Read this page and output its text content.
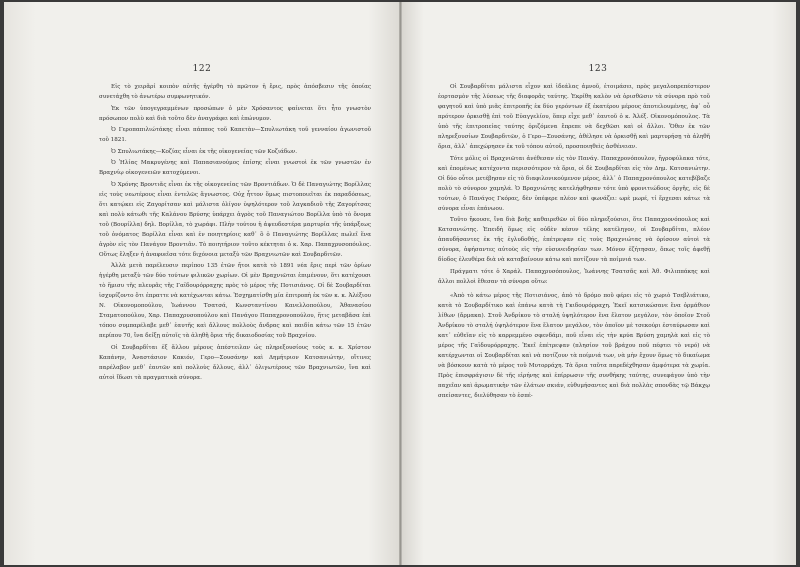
122

Εἰς τὸ χειρᾶρί κοιπὸν αὐτῆς ἠγέρθη τὸ πρῶτον ἡ ἔρις, πρὸς ἀπόσβεσιν τῆς ὁποίας συνετάχθη τὸ ἀνωτέρω συμφωνητικόν.

Ἐκ τῶν ὑπογεγραμμένων προσώπων ὁ μὲν Χρόσαντος φαίνεται ὅτι ἦτο γνωστὸν πρόσωπον πολὺ καὶ διὰ τοῦτο δὲν ἀναγράφει καὶ ἐπώνυμον.

Ὁ Γεροπαπιλιώτάκης εἶναι πάππος τοῦ Καπετὰν—Σπυλιωτάκη τοῦ γενναίου ἀγωνιστοῦ τοῦ 1821.

Ὁ Σπυλιωτάκης—Κοζίας εἶναι ἐκ τῆς οἰκογενείας τῶν Κοζιάδων.

Ὁ Ἠλίας Μακρυγένης καὶ Παπασιανούμος ἐπίσης εἶναι γνωστοὶ ἐκ τῶν γνωστῶν ἐν Βραχνίῳ οἰκογενειῶν κατοχύμενοι.

Ὁ Χρόνης Βροντιᾶς εἶναι ἐκ τῆς οἰκογενείας τῶν Βροντιάδων. Ὁ δὲ Παναγιώτης Βορίλλας εἰς τοὺς νεωτέρους εἶναι ἐντελῶς ἄγνωστος. Οὐχ ἧττον ὅμως πιστοποιεῖται ἐκ παραδόσεως, ὅτι κατῴκει εἰς Ζαγορίτσαν καὶ μάλιστα ὀλίγον ὑψηλότερον τοῦ λαγκαδιοῦ τῆς Ζαγορίτσας καὶ πολὺ κάτωθι τῆς Καλάνου Βρύσης ὑπάρχει ἀγρὸς τοῦ Παναγιώτου Βορίλλα ὑπὸ τὸ ὄνομα τοῦ (Βουρίλλα) δηλ. Βορίλλα, τὸ χωράφι. Πλὴν τούτου ἡ ἀψευδεστέρα μαρτυρία τῆς ὑπάρξεως τοῦ ὀνόματος Βορίλλα εἶναι καὶ ἐν ποιητηρίοις καθ᾽ ὃ ὁ Παναγιώτης Βορίλλας πωλεῖ ἕνα ἀγρὸν εἰς τὸν Πανάγον Βροντιᾶν. Τὸ ποιητήριον τοῦτο κέκτηται ὁ κ. Χαρ. Παπαχρυσοπόυλος. Οὕτως ἔληξεν ἡ ἀναφυεῖσα τότε διχόνοια μεταξὺ τῶν Βραχνιωτῶν καὶ Σουβαρδιτῶν.

Ἀλλὰ μετὰ παρέλευσιν περίπου 135 ἐτῶν ἤτοι κατὰ τὸ 1891 νέα ἔρις περὶ τῶν ὁρίων ἠγέρθη μεταξὺ τῶν δύο τούτων φιλικῶν χωρίων. Οἱ μὲν Βραχνιῶται ἐπιμένουν, ὅτι κατέχουσι τὸ ἥμισυ τῆς πλευρᾶς τῆς Γαϊδουρόρραχης πρὸς τὸ μέρος τῆς Ποτισιάνος. Οἱ δὲ Σουβαρδίται ἰσχυρίζοντο ὅτι ἐπραττε νὰ κατέχωνται κάτω. Ἐσχηματίσθη μία ἐπιτροπὴ ἐκ τῶν κ. κ. Ἀλέξιου Ν. Οἰκονομοπούλου, Ἰωάννου Τσατσά, Κωνσταντίνου Κανελλοπούλου, Ἀθανασίου Σταματοπούλου, Χαρ. Παπαχρυσοπούλου καὶ Πανάγου Παπαχρονοπούλου, ἥτις μεταβᾶσα ἐπὶ τόπου συμπαρέλαβε μεθ᾽ ἑαυτῆς καὶ ἄλλους πολλοὺς ἄνδρας καὶ παιδία κάτω τῶν 15 ἐτῶν περίπου 70, ἵνα δείξῃ αὐτοῖς τὰ ἀληθῆ ὅρια τῆς δικαιοδοσίας τοῦ Βραχνίου.

Οἱ Σουβαρδίται ἐξ ἄλλου μέρους ἀπέστειλαν ὡς πληρεξουσίους τοὺς κ. κ. Χρίστον Καπάνην, Ἀναστάσιον Κακιόν, Γερο—Σουσάνην καὶ Δημήτριον Κατσανιώτην, οἵτινες παρέλαβον μεθ᾽ ἑαυτῶν καὶ πολλοὺς ἄλλους, ἀλλ᾽ ὀλιγωτέρους τῶν Βραχνιωτῶν, ἵνα καὶ αὐτοὶ ἴδωσι τὰ πραγματικὰ σύνορα.

123

Οἱ Σουβαρδίται μάλιστα εἶχον καὶ ἰδεάλας ἀμνοῦ, ἑτοιμάσει, πρὸς μεγαλοπρεπέστερον ἑορτασμὸν τῆς λύσεως τῆς διαφορᾶς ταύτης. Ἐκρίθη καλὸν νὰ ὁρισθῶσιν τὰ σύνορα πρὸ τοῦ φαγητοῦ καὶ ὑπὸ μιᾶς ἐπιτροπῆς ἐκ δύο γερόντων ἐξ ἑκατέρου μέρους ἀποτελουμένης, ἀφ᾽ οὗ πρότερον ὁρκισθῇ ἐπὶ τοῦ Εὐαγγελίου, ὅπερ εἶχε μεθ᾽ ἑαυτοῦ ὁ κ. Ἀλέξ. Οἰκονομόπουλος. Τὰ ὑπὸ τῆς ἐπιτροπείας ταύτης ὁριζόμενα ἔπρεπε νὰ δεχθῶσι καὶ οἱ ἄλλοι. Ὅθεν ἐκ τῶν πληρεξουσίων Σουβαρδιτῶν, ὁ Γερο—Σουσάνης, ἀθέλησε νὰ ὁρκισθῇ καὶ μαρτυρήσῃ τὰ ἀληθῆ ὅρια, ἀλλ᾽ ἀπεχώρησεν ἐκ τοῦ τόπου αὐτοῦ, προσποιηθεὶς ἀσθένειαν.

Τότε μόλις οἱ Βραχνιῶται ἀνέθεσαν εἰς τὸν Πανάγ. Παπαχρονόπουλον, ἤγροφύλακα τότε, καὶ ἐπομένως κατέχοντα περισσότερον τὰ ὅρια, οἱ δὲ Σουβαρδίται εἰς τὸν Δημ. Κατσανιώτην. Οἱ δύο οὗτοι μετέβησαν εἰς τὸ διαφιλονικούμενον μέρος, ἀλλ᾽ ὁ Παπαχρονόπουλος κατεβίβαζε πολὺ τὸ σύνορον χαμηλά. Ὁ Βραχνιώτης κατελήφθησαν τότε ὑπὸ φρονιτιώδους ὀργῆς, εἰς δὲ τούτων, ὁ Πανάγος Γκόρας, δὲν ὑπέφερε πλέον καὶ φωνάζει: ωρὲ μωρέ, τί ἔρχεσαι κάτω: τὰ σύνορα εἶναι ἐπάνωου.

Τοῦτο ἤκουσε, ἵνα διὰ βοῆς καθαιρεθῶν οἱ δύο πληρεξούσιοι, ὅτε Παπαχρονόπουλος καὶ Κατσανιώτης. Ἐπειδὴ ὅμως εἰς οὐδὲν κέσυν τέλης κατέληγον, οἱ Σουβαρδίται, πλέον ἀπαυδήσαντες ἐκ τῆς ἐγλυδοθής, ἐπέτρεψαν εἰς τοὺς Βραχνιώτας νὰ ὁρίσουν αὐτοὶ τὰ σύνορα, ἀφήσαντες αὐτοὺς εἰς τὴν εὐσυνειδησίαν των. Μόνον ἐζήτησαν, ὅπως τοῖς ἀφεθῇ δίοδος ἐλευθέρα διὰ νὰ καταβαίνουν κάτω καὶ ποτίζουν τὰ ποίμνιά των.

Πράγματι τότε ὁ Χαράλ. Παπαχρυσόπουλος, Ἰωάννης Τσατσᾶς καὶ Ἀθ. Φιλιππάκης καὶ ἄλλοι πολλοὶ ἔθεσαν τὰ σύνορα οὕτω:

«Ἀπὸ τὸ κάτω μέρος τῆς Ποτισιάνος, ἀπὸ τὸ δρόμο ποῦ φέρει εἰς τὸ χωριὸ Τσεβλιάτικο, κατὰ τὸ Σουβαρδίτικο καὶ ἐπάνω κατὰ τὴ Γκιδουρόρραχη. Ἐκεῖ κατσικώσανε ἕνα ὁρμάθιον λίθων (ἄρμακα). Στοῦ Ἀνδρίκου τὸ σταλή ὑψηλότερον ἕνα ἔλατον μεγάλον, τὸν ὁποῖον Στοῦ Ἀνδρίκου τὸ σταλή ὑψηλότερον ἕνα ἔλατον μεγάλον, τὸν ὁποῖον μὲ τσεκούρι ἐσταύρωσαν καὶ κατ᾽ εὐθεῖαν εἰς τὸ καρρεμμένο σφενδάμι, ποῦ εἶναι εἰς τὴν κρύα Βρύση χαμηλὰ καὶ εἰς τὸ μέρος τῆς Γαϊδουρόρραχης. Ἐκεῖ ἐπέτρεψαν (πλησίον τοῦ βράχου ποῦ πέφτει τὸ νερό) νὰ κατέρχωνται οἱ Σουβαρδίται καὶ νὰ ποτίζουν τὰ ποίμνιά των, νὰ μὴν ἔχουν ὅμως τὸ δικαίωμα νὰ βόσκουν κατὰ τὸ μέρος τοῦ Μυτορράχη. Τὰ ὅρια ταῦτα παρεδέχθησαν ἀμφότερα τὰ χωρία. Πρὸς ἐπισφράγισιν δὲ τῆς εἰρήνης καὶ ἐπίρρωσιν τῆς συνθήκης ταύτης, συνεφάγον ὑπὸ τὴν παχεῖαν καὶ ἀρωματικὴν τῶν ἐλάτων σκιάν, εὐθυμήσαντες καὶ διὰ πολλὰς σπονδὰς τῷ Βάκχῳ σπείσαντες, διελύθησαν τὸ ἑσπέ-
